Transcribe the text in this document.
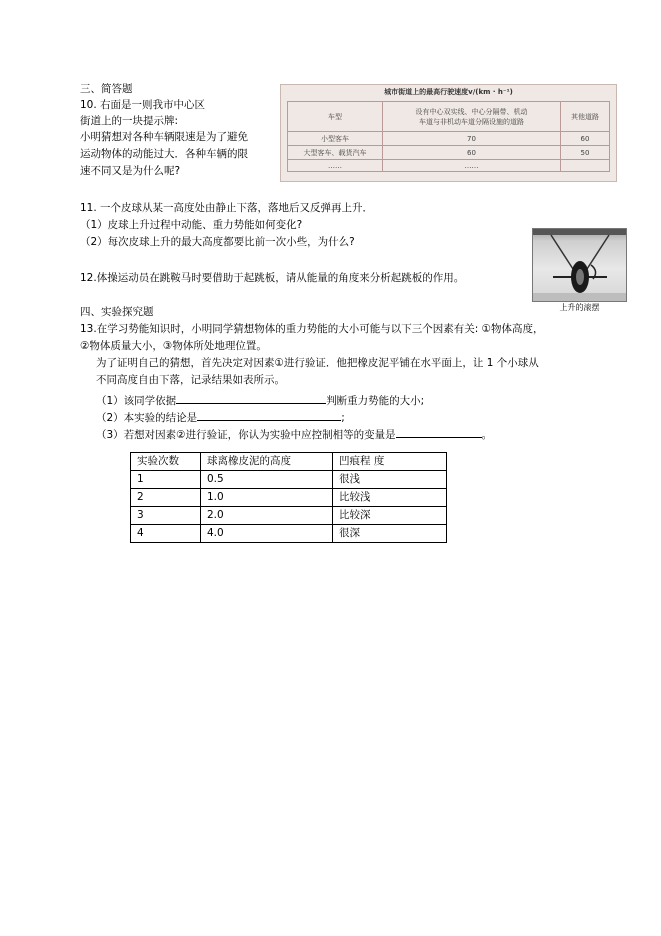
三、简答题
10. 右面是一则我市中心区
街道上的一块提示牌:
小明猜想对各种车辆限速是为了避免
运动物体的动能过大．各种车辆的限
速不同又是为什么呢?
城市街道上的最高行驶速度v/(km · h⁻¹)
车型	设有中心双实线、中心分隔带、机动
车道与非机动车道分隔设施的道路	其他道路
小型客车	70	60
大型客车、载货汽车	60	50
……	……	
11. 一个皮球从某一高度处由静止下落，落地后又反弹再上升．
（1）皮球上升过程中动能、重力势能如何变化?
（2）每次皮球上升的最大高度都要比前一次小些，为什么?
上升的滚摆
12.体操运动员在跳鞍马时要借助于起跳板，请从能量的角度来分析起跳板的作用。
四、实验探究题
13.在学习势能知识时，小明同学猜想物体的重力势能的大小可能与以下三个因素有关: ①物体高度，
②物体质量大小，③物体所处地理位置。
为了证明自己的猜想，首先决定对因素①进行验证．他把橡皮泥平铺在水平面上，让 1 个小球从
不同高度自由下落，记录结果如表所示。
（1）该同学依据	判断重力势能的大小;
（2）本实验的结论是	;
（3）若想对因素②进行验证，你认为实验中应控制相等的变量是	。
实验次数	球离橡皮泥的高度	凹痕程 度
1	0.5	很浅
2	1.0	比较浅
3	2.0	比较深
4	4.0	很深
